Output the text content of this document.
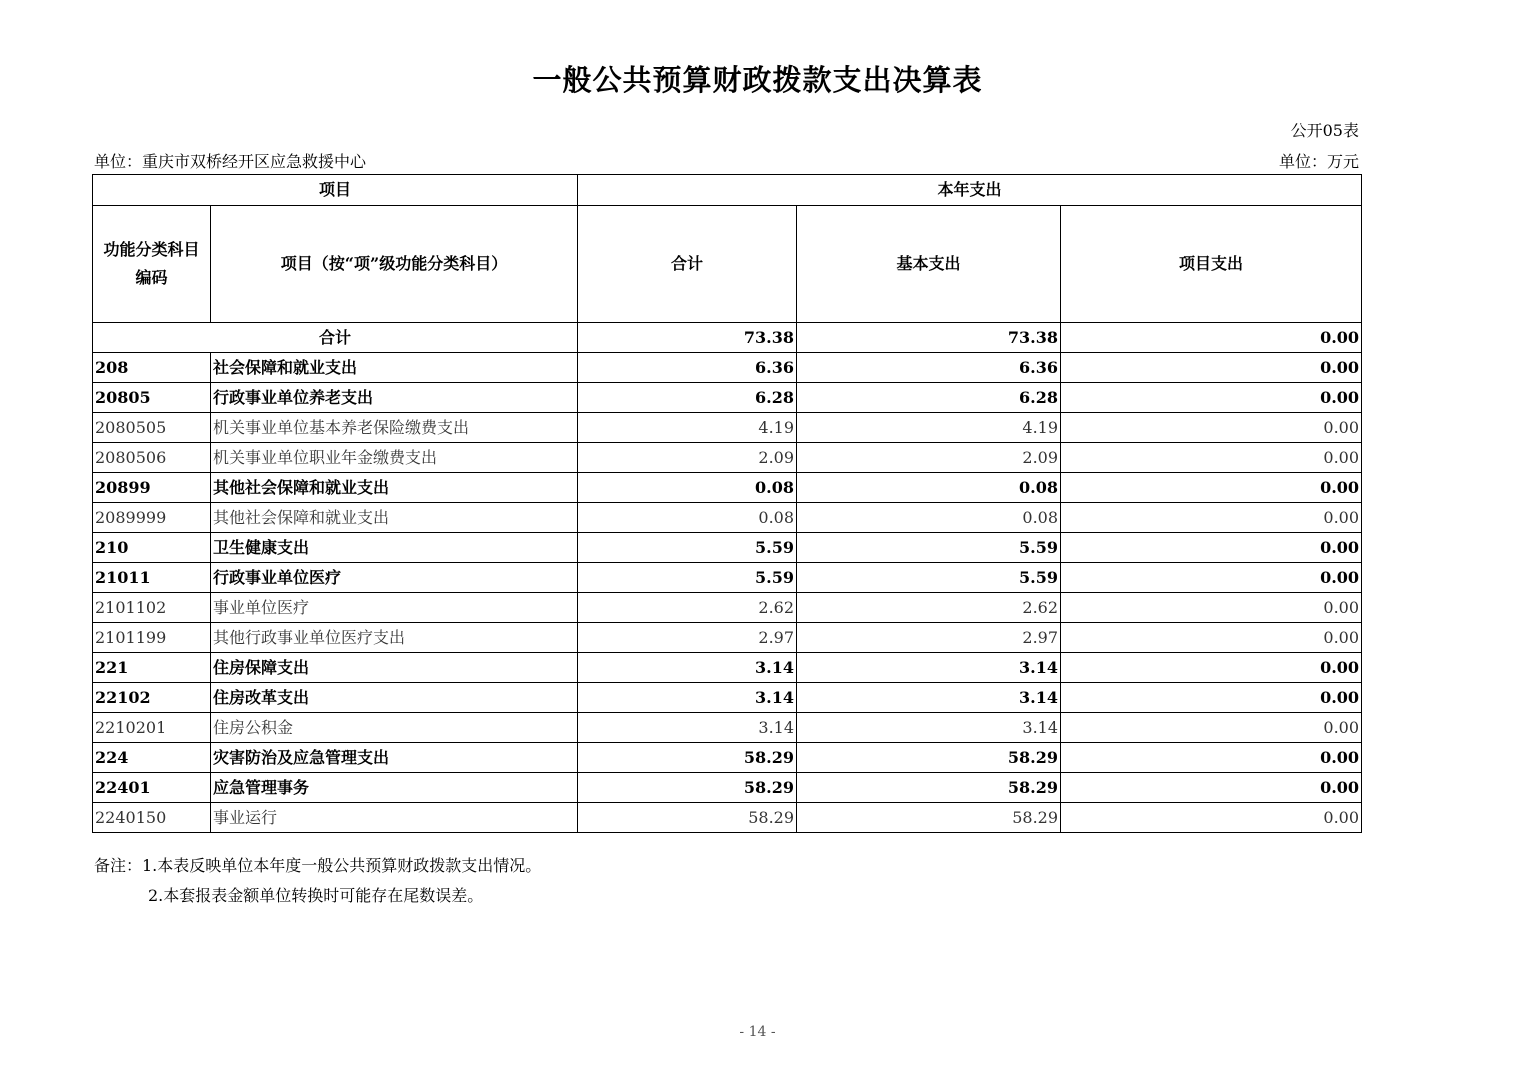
一般公共预算财政拨款支出决算表
公开05表
单位：重庆市双桥经开区应急救援中心	单位：万元
项目		本年支出		
功能分类科目编码	项目（按“项”级功能分类科目）	合计	基本支出	项目支出
合计		73.38	73.38	0.00
208	社会保障和就业支出	6.36	6.36	0.00
20805	行政事业单位养老支出	6.28	6.28	0.00
2080505	机关事业单位基本养老保险缴费支出	4.19	4.19	0.00
2080506	机关事业单位职业年金缴费支出	2.09	2.09	0.00
20899	其他社会保障和就业支出	0.08	0.08	0.00
2089999	其他社会保障和就业支出	0.08	0.08	0.00
210	卫生健康支出	5.59	5.59	0.00
21011	行政事业单位医疗	5.59	5.59	0.00
2101102	事业单位医疗	2.62	2.62	0.00
2101199	其他行政事业单位医疗支出	2.97	2.97	0.00
221	住房保障支出	3.14	3.14	0.00
22102	住房改革支出	3.14	3.14	0.00
2210201	住房公积金	3.14	3.14	0.00
224	灾害防治及应急管理支出	58.29	58.29	0.00
22401	应急管理事务	58.29	58.29	0.00
2240150	事业运行	58.29	58.29	0.00
备注：1.本表反映单位本年度一般公共预算财政拨款支出情况。
2.本套报表金额单位转换时可能存在尾数误差。
- 14 -
